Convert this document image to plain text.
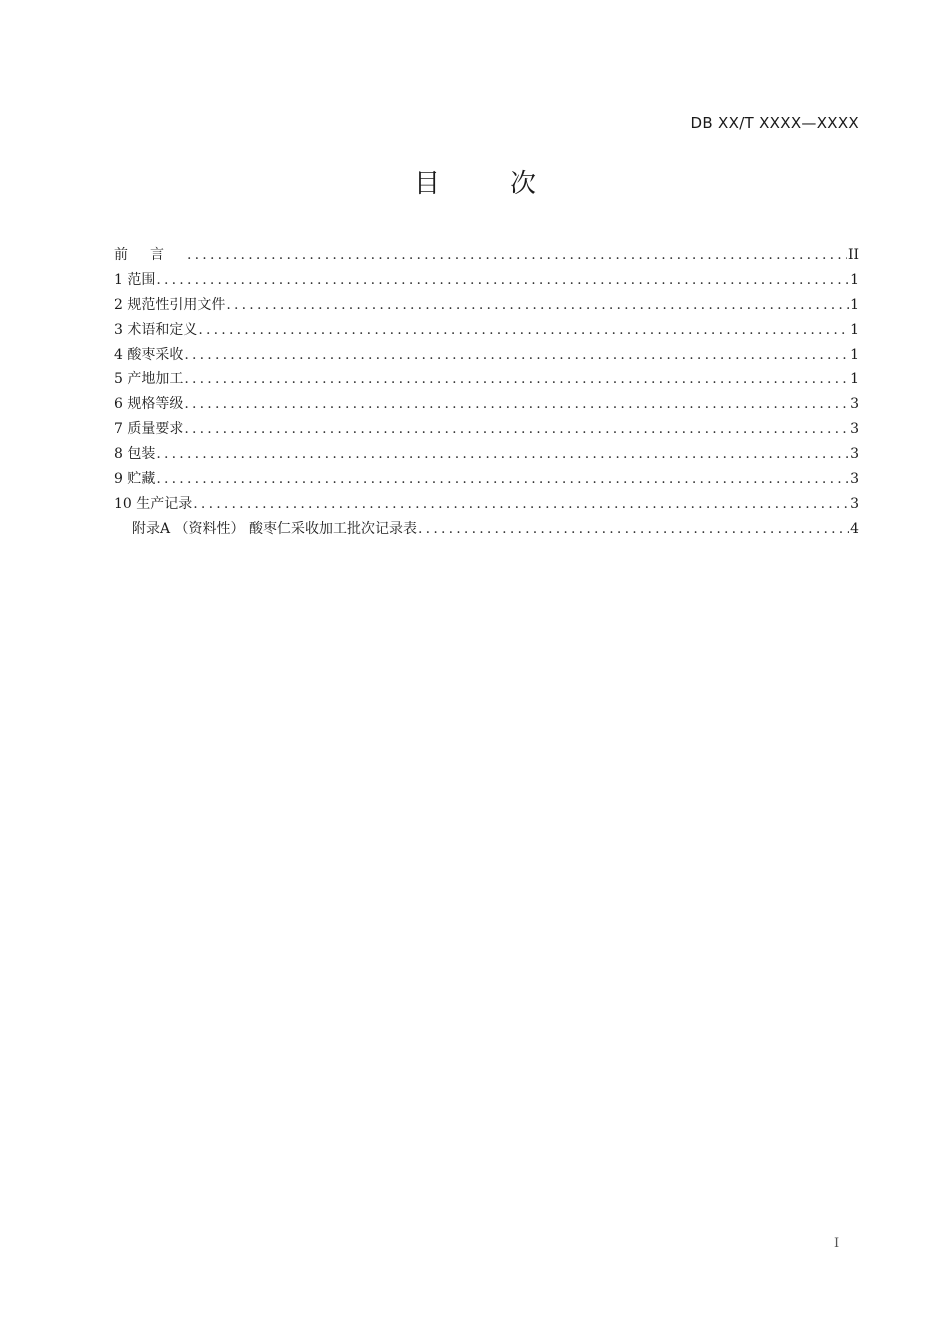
DB XX/T XXXX—XXXX
目　次
前言 .....	II
1 范围 .....	1
2 规范性引用文件 .....	1
3 术语和定义 .....	1
4 酸枣采收 .....	1
5 产地加工 .....	1
6 规格等级 .....	3
7 质量要求 .....	3
8 包装 .....	3
9 贮藏 .....	3
10 生产记录 .....	3
附录A （资料性） 酸枣仁采收加工批次记录表 .....	4
I
